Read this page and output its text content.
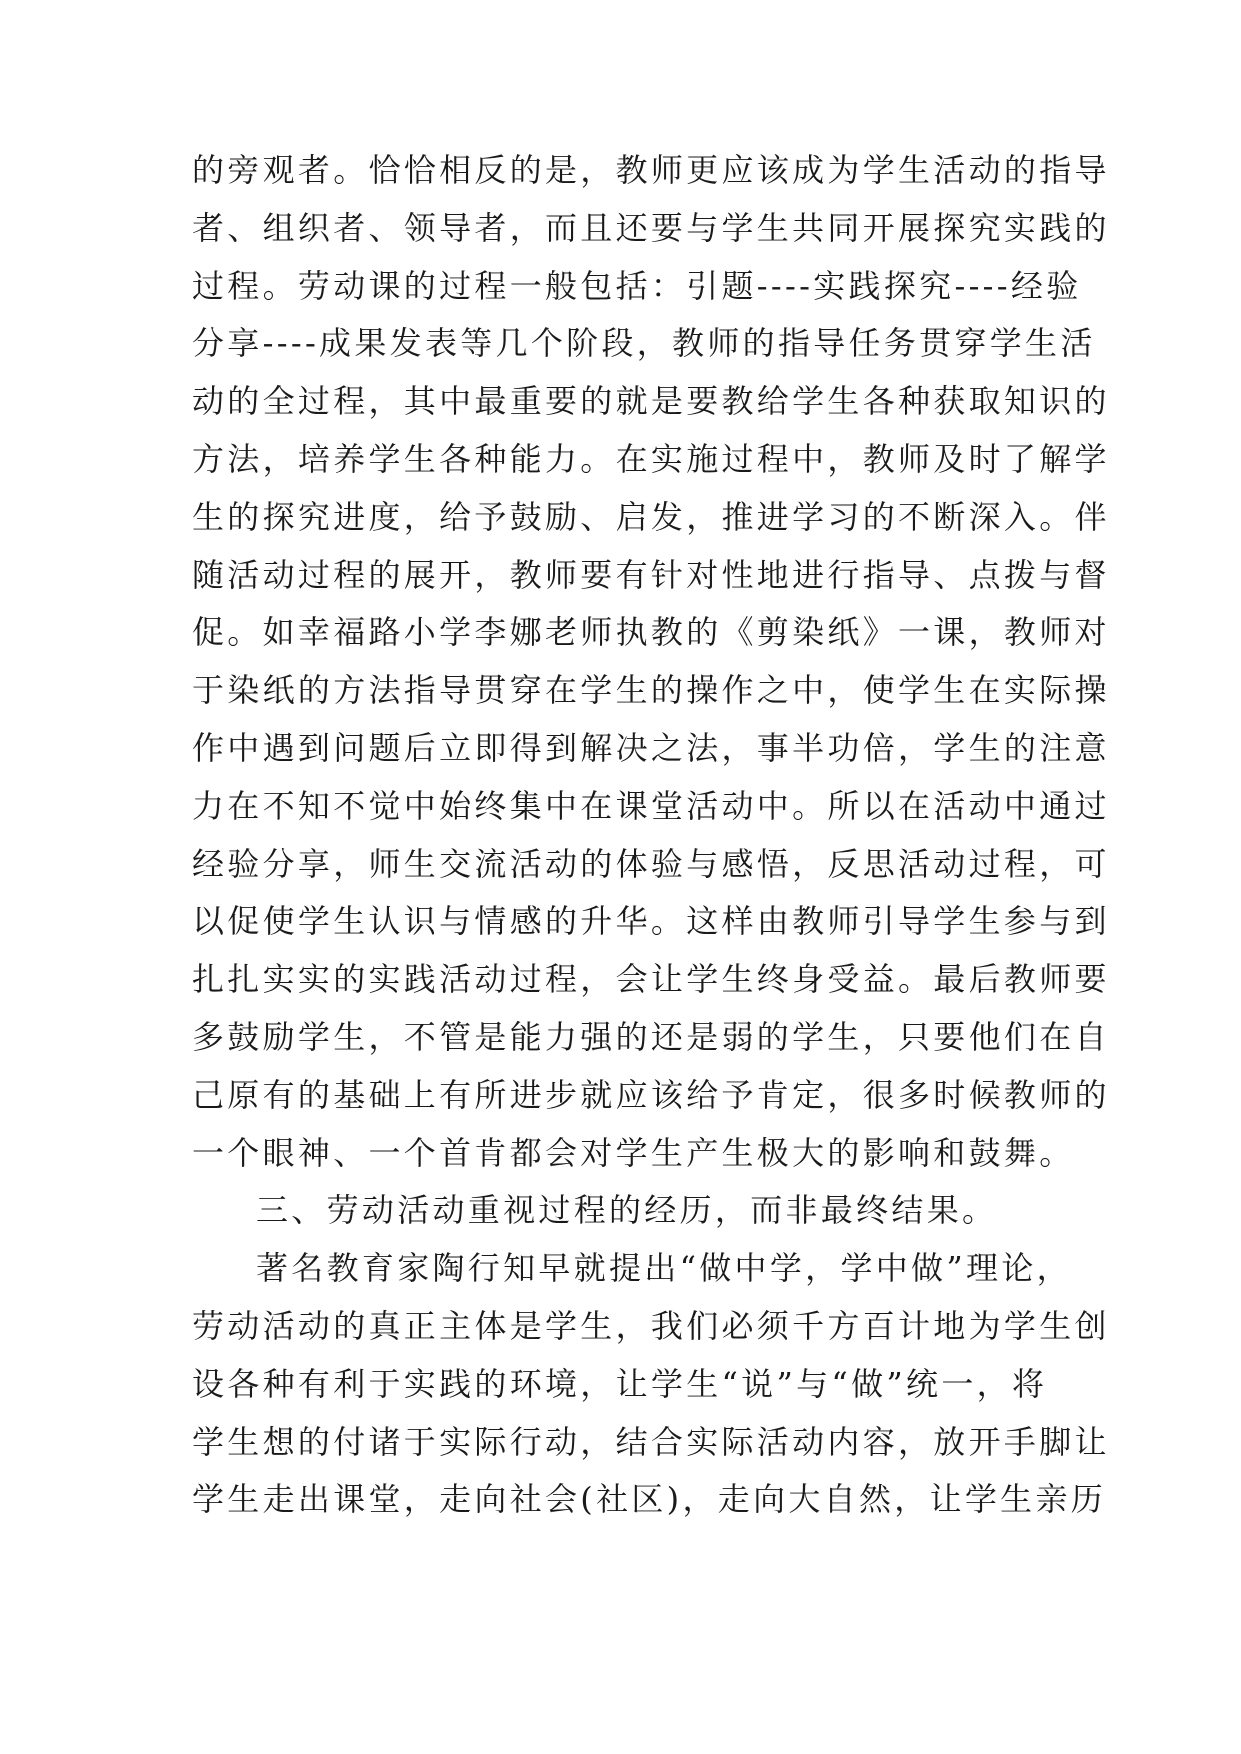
的旁观者。恰恰相反的是，教师更应该成为学生活动的指导
者、组织者、领导者，而且还要与学生共同开展探究实践的
过程。劳动课的过程一般包括：引题----实践探究----经验
分享----成果发表等几个阶段，教师的指导任务贯穿学生活
动的全过程，其中最重要的就是要教给学生各种获取知识的
方法，培养学生各种能力。在实施过程中，教师及时了解学
生的探究进度，给予鼓励、启发，推进学习的不断深入。伴
随活动过程的展开，教师要有针对性地进行指导、点拨与督
促。如幸福路小学李娜老师执教的《剪染纸》一课，教师对
于染纸的方法指导贯穿在学生的操作之中，使学生在实际操
作中遇到问题后立即得到解决之法，事半功倍，学生的注意
力在不知不觉中始终集中在课堂活动中。所以在活动中通过
经验分享，师生交流活动的体验与感悟，反思活动过程，可
以促使学生认识与情感的升华。这样由教师引导学生参与到
扎扎实实的实践活动过程，会让学生终身受益。最后教师要
多鼓励学生，不管是能力强的还是弱的学生，只要他们在自
己原有的基础上有所进步就应该给予肯定，很多时候教师的
一个眼神、一个首肯都会对学生产生极大的影响和鼓舞。
三、劳动活动重视过程的经历，而非最终结果。
著名教育家陶行知早就提出“做中学，学中做”理论，
劳动活动的真正主体是学生，我们必须千方百计地为学生创
设各种有利于实践的环境，让学生“说”与“做”统一，将
学生想的付诸于实际行动，结合实际活动内容，放开手脚让
学生走出课堂，走向社会(社区)，走向大自然，让学生亲历
